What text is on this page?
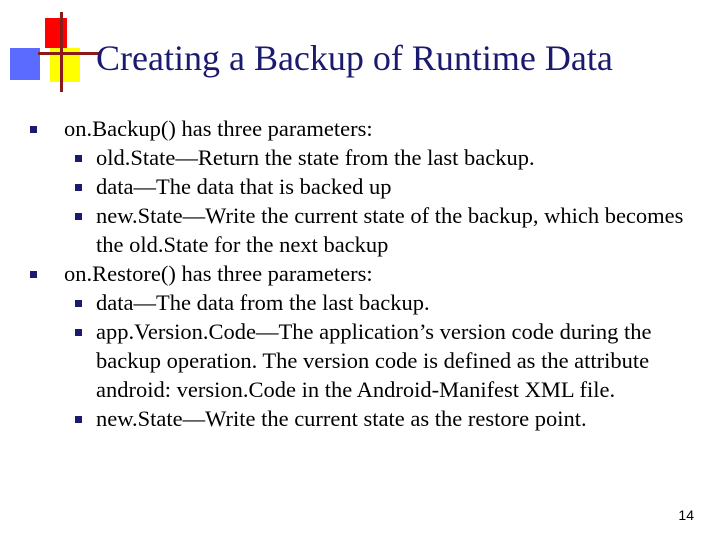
Creating a Backup of Runtime Data
on.Backup() has three parameters:
old.State—Return the state from the last backup.
data—The data that is backed up
new.State—Write the current state of the backup, which becomes the old.State for the next backup
on.Restore() has three parameters:
data—The data from the last backup.
app.Version.Code—The application’s version code during the backup operation. The version code is defined as the attribute android: version.Code in the Android-Manifest XML file.
new.State—Write the current state as the restore point.
14
